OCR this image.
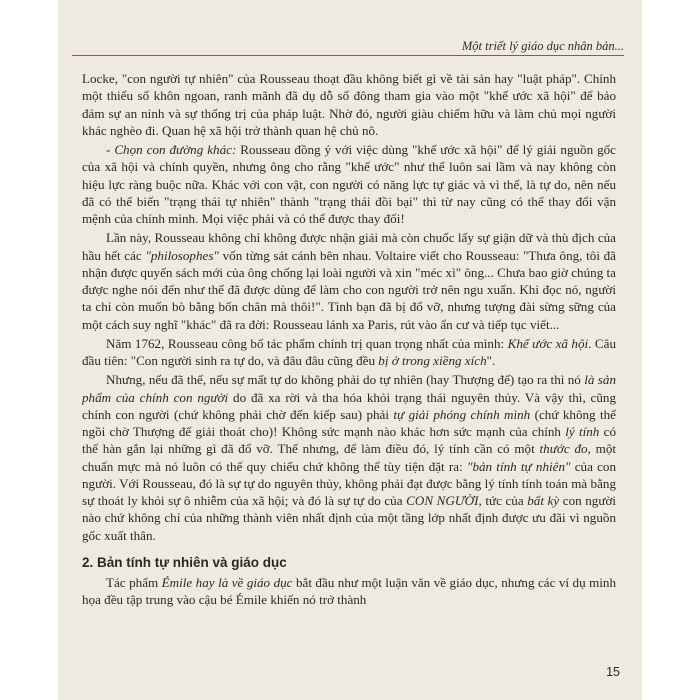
Một triết lý giáo dục nhân bản...

Locke, "con người tự nhiên" của Rousseau thoạt đầu không biết gì về tài sản hay "luật pháp". Chính một thiểu số khôn ngoan, ranh mãnh đã dụ dỗ số đông tham gia vào một "khế ước xã hội" để bảo đảm sự an ninh và sự thống trị của pháp luật. Nhờ đó, người giàu chiếm hữu và làm chủ mọi người khác nghèo đi. Quan hệ xã hội trở thành quan hệ chủ nô.

- Chọn con đường khác: Rousseau đồng ý với việc dùng "khế ước xã hội" để lý giải nguồn gốc của xã hội và chính quyền, nhưng ông cho rằng "khế ước" như thế luôn sai lầm và nay không còn hiệu lực ràng buộc nữa. Khác với con vật, con người có năng lực tự giác và vì thế, là tự do, nên nếu đã có thể biến "trạng thái tự nhiên" thành "trạng thái đồi bại" thì từ nay cũng có thể thay đổi vận mệnh của chính mình. Mọi việc phải và có thể được thay đổi!

Lần này, Rousseau không chỉ không được nhận giải mà còn chuốc lấy sự giận dữ và thù địch của hầu hết các "philosophes" vốn từng sát cánh bên nhau. Voltaire viết cho Rousseau: "Thưa ông, tôi đã nhận được quyển sách mới của ông chống lại loài người và xin "méc xì" ông... Chưa bao giờ chúng ta được nghe nói đến như thế đã được dùng để làm cho con người trở nên ngu xuẩn. Khi đọc nó, người ta chỉ còn muốn bò bằng bốn chân mà thôi!". Tình bạn đã bị đổ vỡ, nhưng tượng đài sừng sững của một cách suy nghĩ "khác" đã ra đời: Rousseau lánh xa Paris, rút vào ẩn cư và tiếp tục viết...

Năm 1762, Rousseau công bố tác phẩm chính trị quan trọng nhất của mình: Khế ước xã hội. Câu đầu tiên: "Con người sinh ra tự do, và đâu đâu cũng đều bị ở trong xiềng xích".

Nhưng, nếu đã thế, nếu sự mất tự do không phải do tự nhiên (hay Thượng đế) tạo ra thì nó là sản phẩm của chính con người do đã xa rời và tha hóa khỏi trạng thái nguyên thủy. Và vậy thì, cũng chính con người (chứ không phải chờ đến kiếp sau) phải tự giải phóng chính mình (chứ không thể ngồi chờ Thượng đế giải thoát cho)! Không sức mạnh nào khác hơn sức mạnh của chính lý tính có thể hàn gắn lại những gì đã đổ vỡ. Thế nhưng, để làm điều đó, lý tính cần có một thước đo, một chuẩn mực mà nó luôn có thể quy chiếu chứ không thể tùy tiện đặt ra: "bản tính tự nhiên" của con người. Với Rousseau, đó là sự tự do nguyên thủy, không phải đạt được bằng lý tính tính toán mà bằng sự thoát ly khỏi sự ô nhiễm của xã hội; và đó là sự tự do của CON NGƯỜI, tức của bất kỳ con người nào chứ không chỉ của những thành viên nhất định của một tầng lớp nhất định được ưu đãi vì nguồn gốc xuất thân.

2. Bản tính tự nhiên và giáo dục

Tác phẩm Émile hay là về giáo dục bắt đầu như một luận văn về giáo dục, nhưng các ví dụ minh họa đều tập trung vào cậu bé Émile khiến nó trở thành

15
